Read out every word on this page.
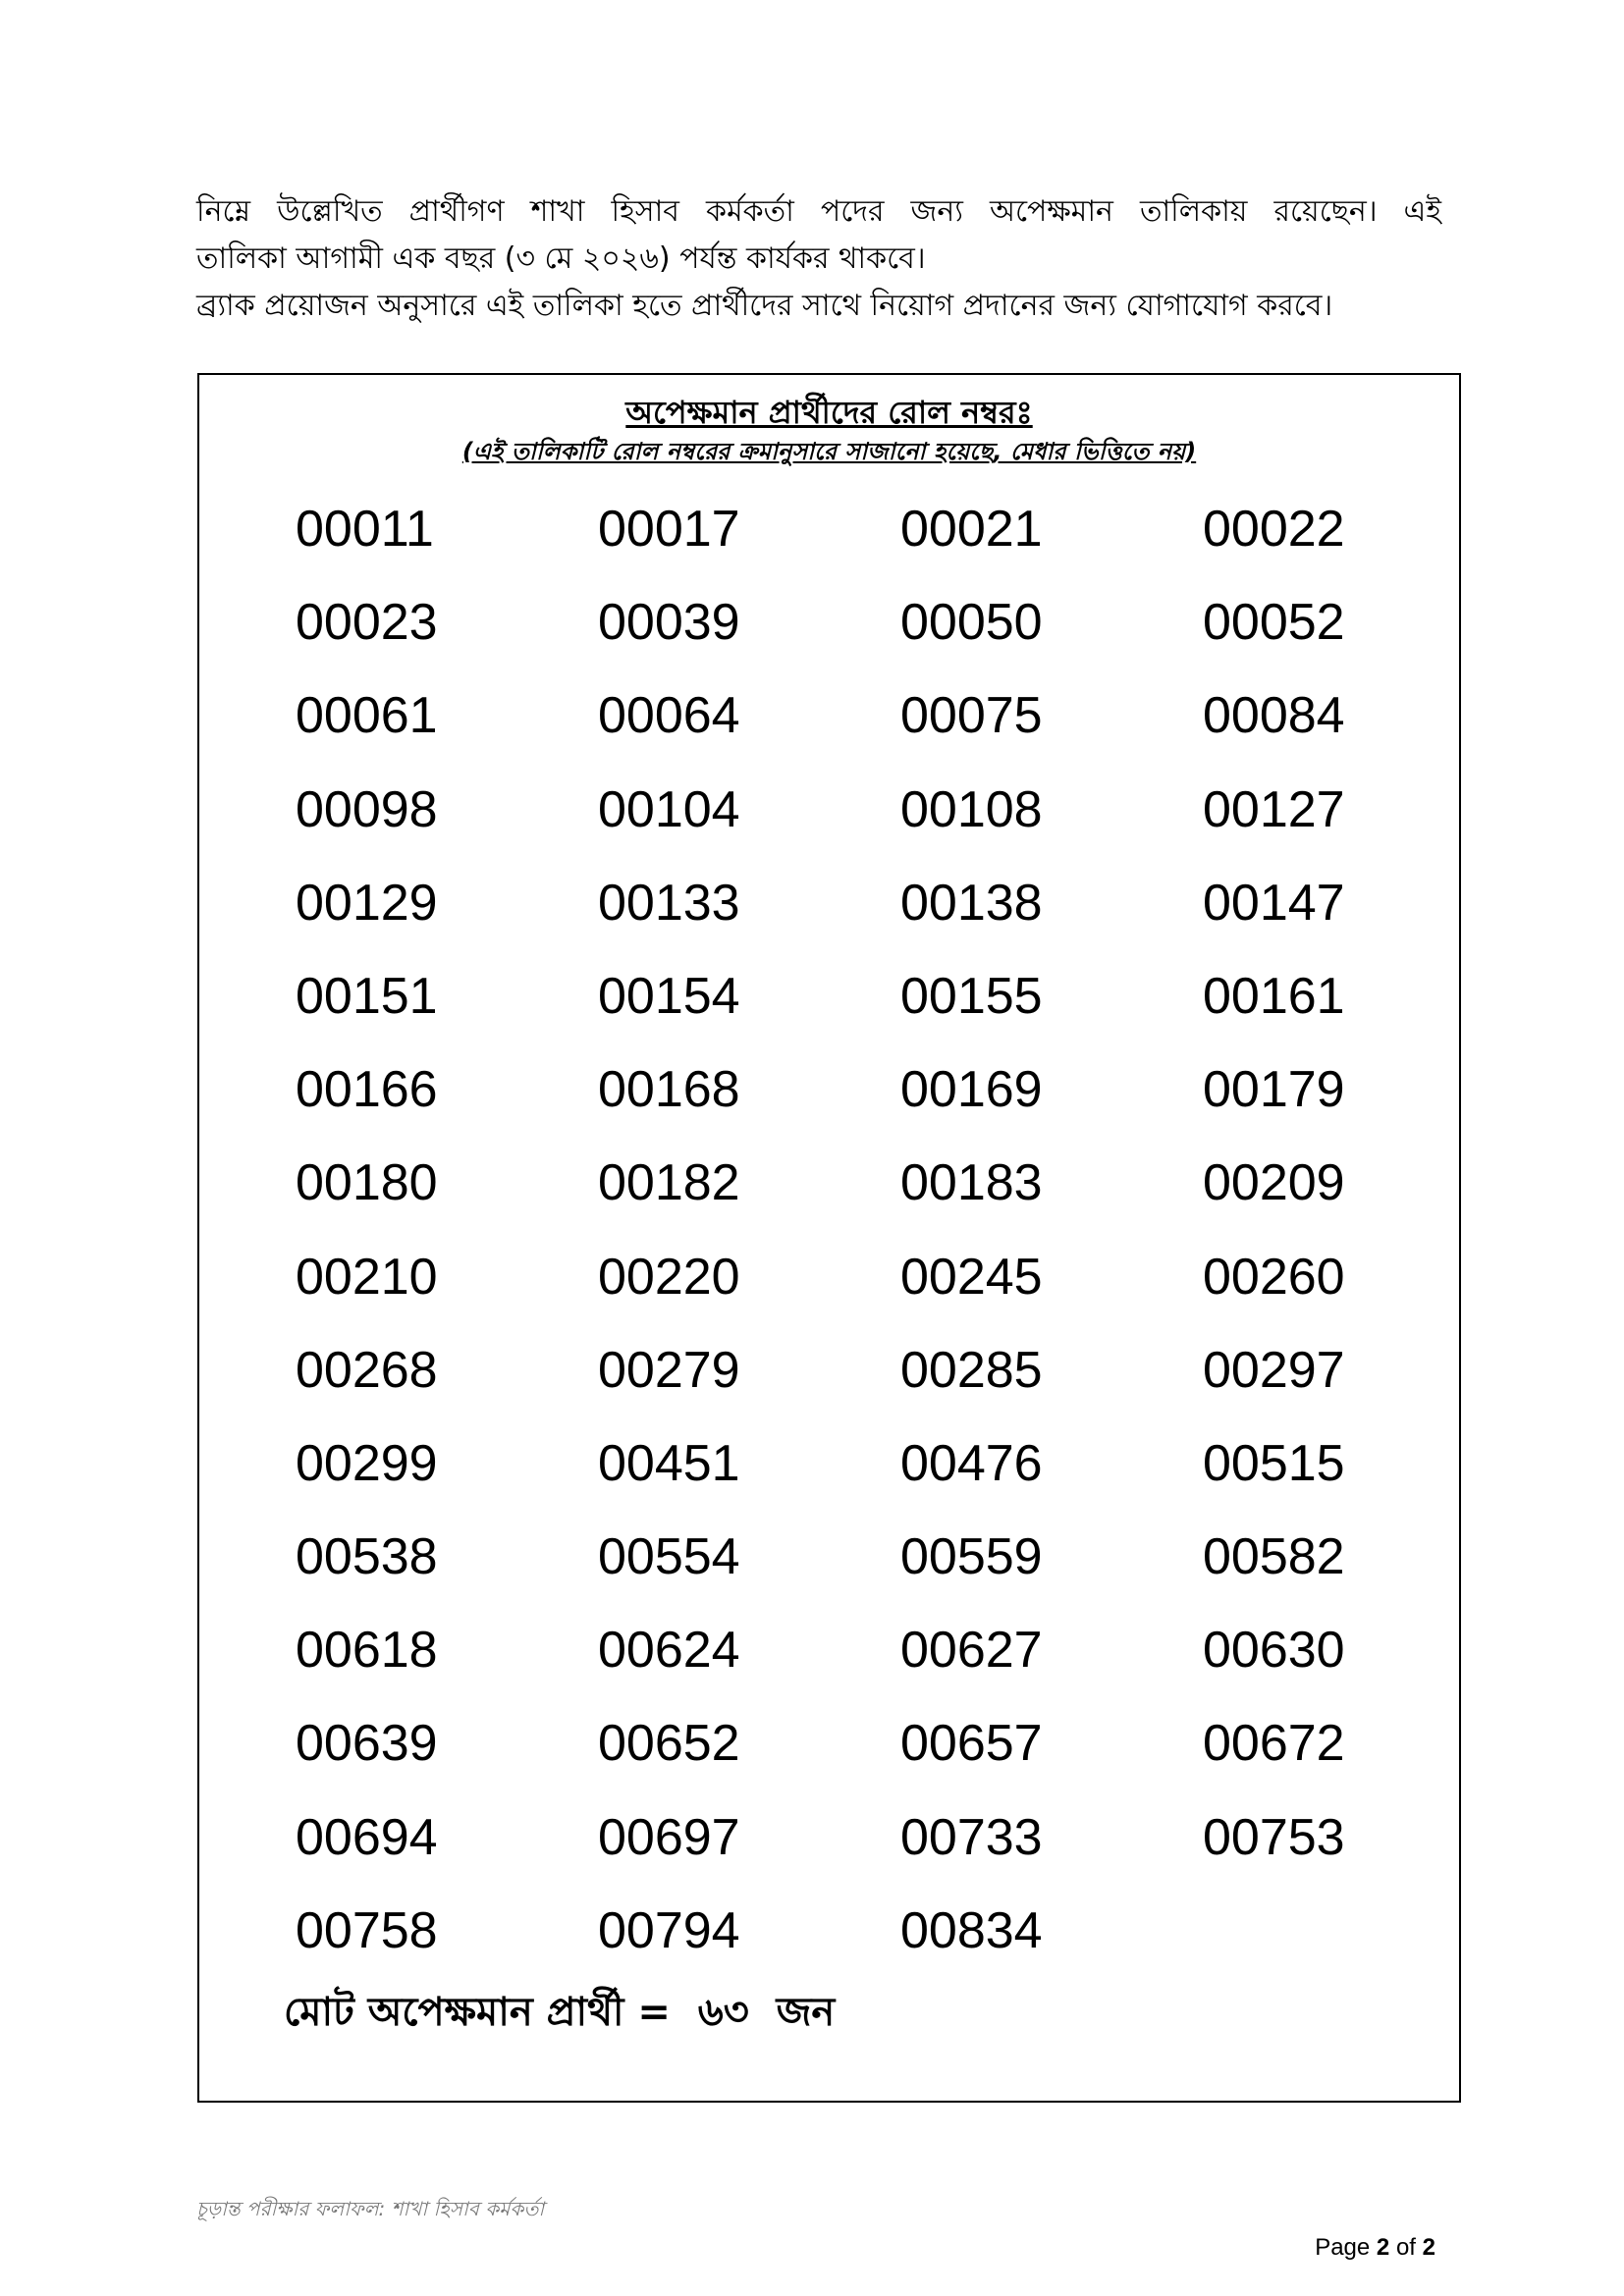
নিম্নে উল্লেখিত প্রার্থীগণ শাখা হিসাব কর্মকর্তা পদের জন্য অপেক্ষমান তালিকায় রয়েছেন। এই
তালিকা আগামী এক বছর (৩ মে ২০২৬) পর্যন্ত কার্যকর থাকবে।
ব্র্যাক প্রয়োজন অনুসারে এই তালিকা হতে প্রার্থীদের সাথে নিয়োগ প্রদানের জন্য যোগাযোগ করবে।
অপেক্ষমান প্রার্থীদের রোল নম্বরঃ
(এই তালিকাটি রোল নম্বরের ক্রমানুসারে সাজানো হয়েছে, মেধার ভিত্তিতে নয়)
00011	00017	00021	00022
00023	00039	00050	00052
00061	00064	00075	00084
00098	00104	00108	00127
00129	00133	00138	00147
00151	00154	00155	00161
00166	00168	00169	00179
00180	00182	00183	00209
00210	00220	00245	00260
00268	00279	00285	00297
00299	00451	00476	00515
00538	00554	00559	00582
00618	00624	00627	00630
00639	00652	00657	00672
00694	00697	00733	00753
00758	00794	00834
মোট অপেক্ষমান প্রার্থী = ৬৩ জন
চূড়ান্ত পরীক্ষার ফলাফল: শাখা হিসাব কর্মকর্তা
Page 2 of 2
